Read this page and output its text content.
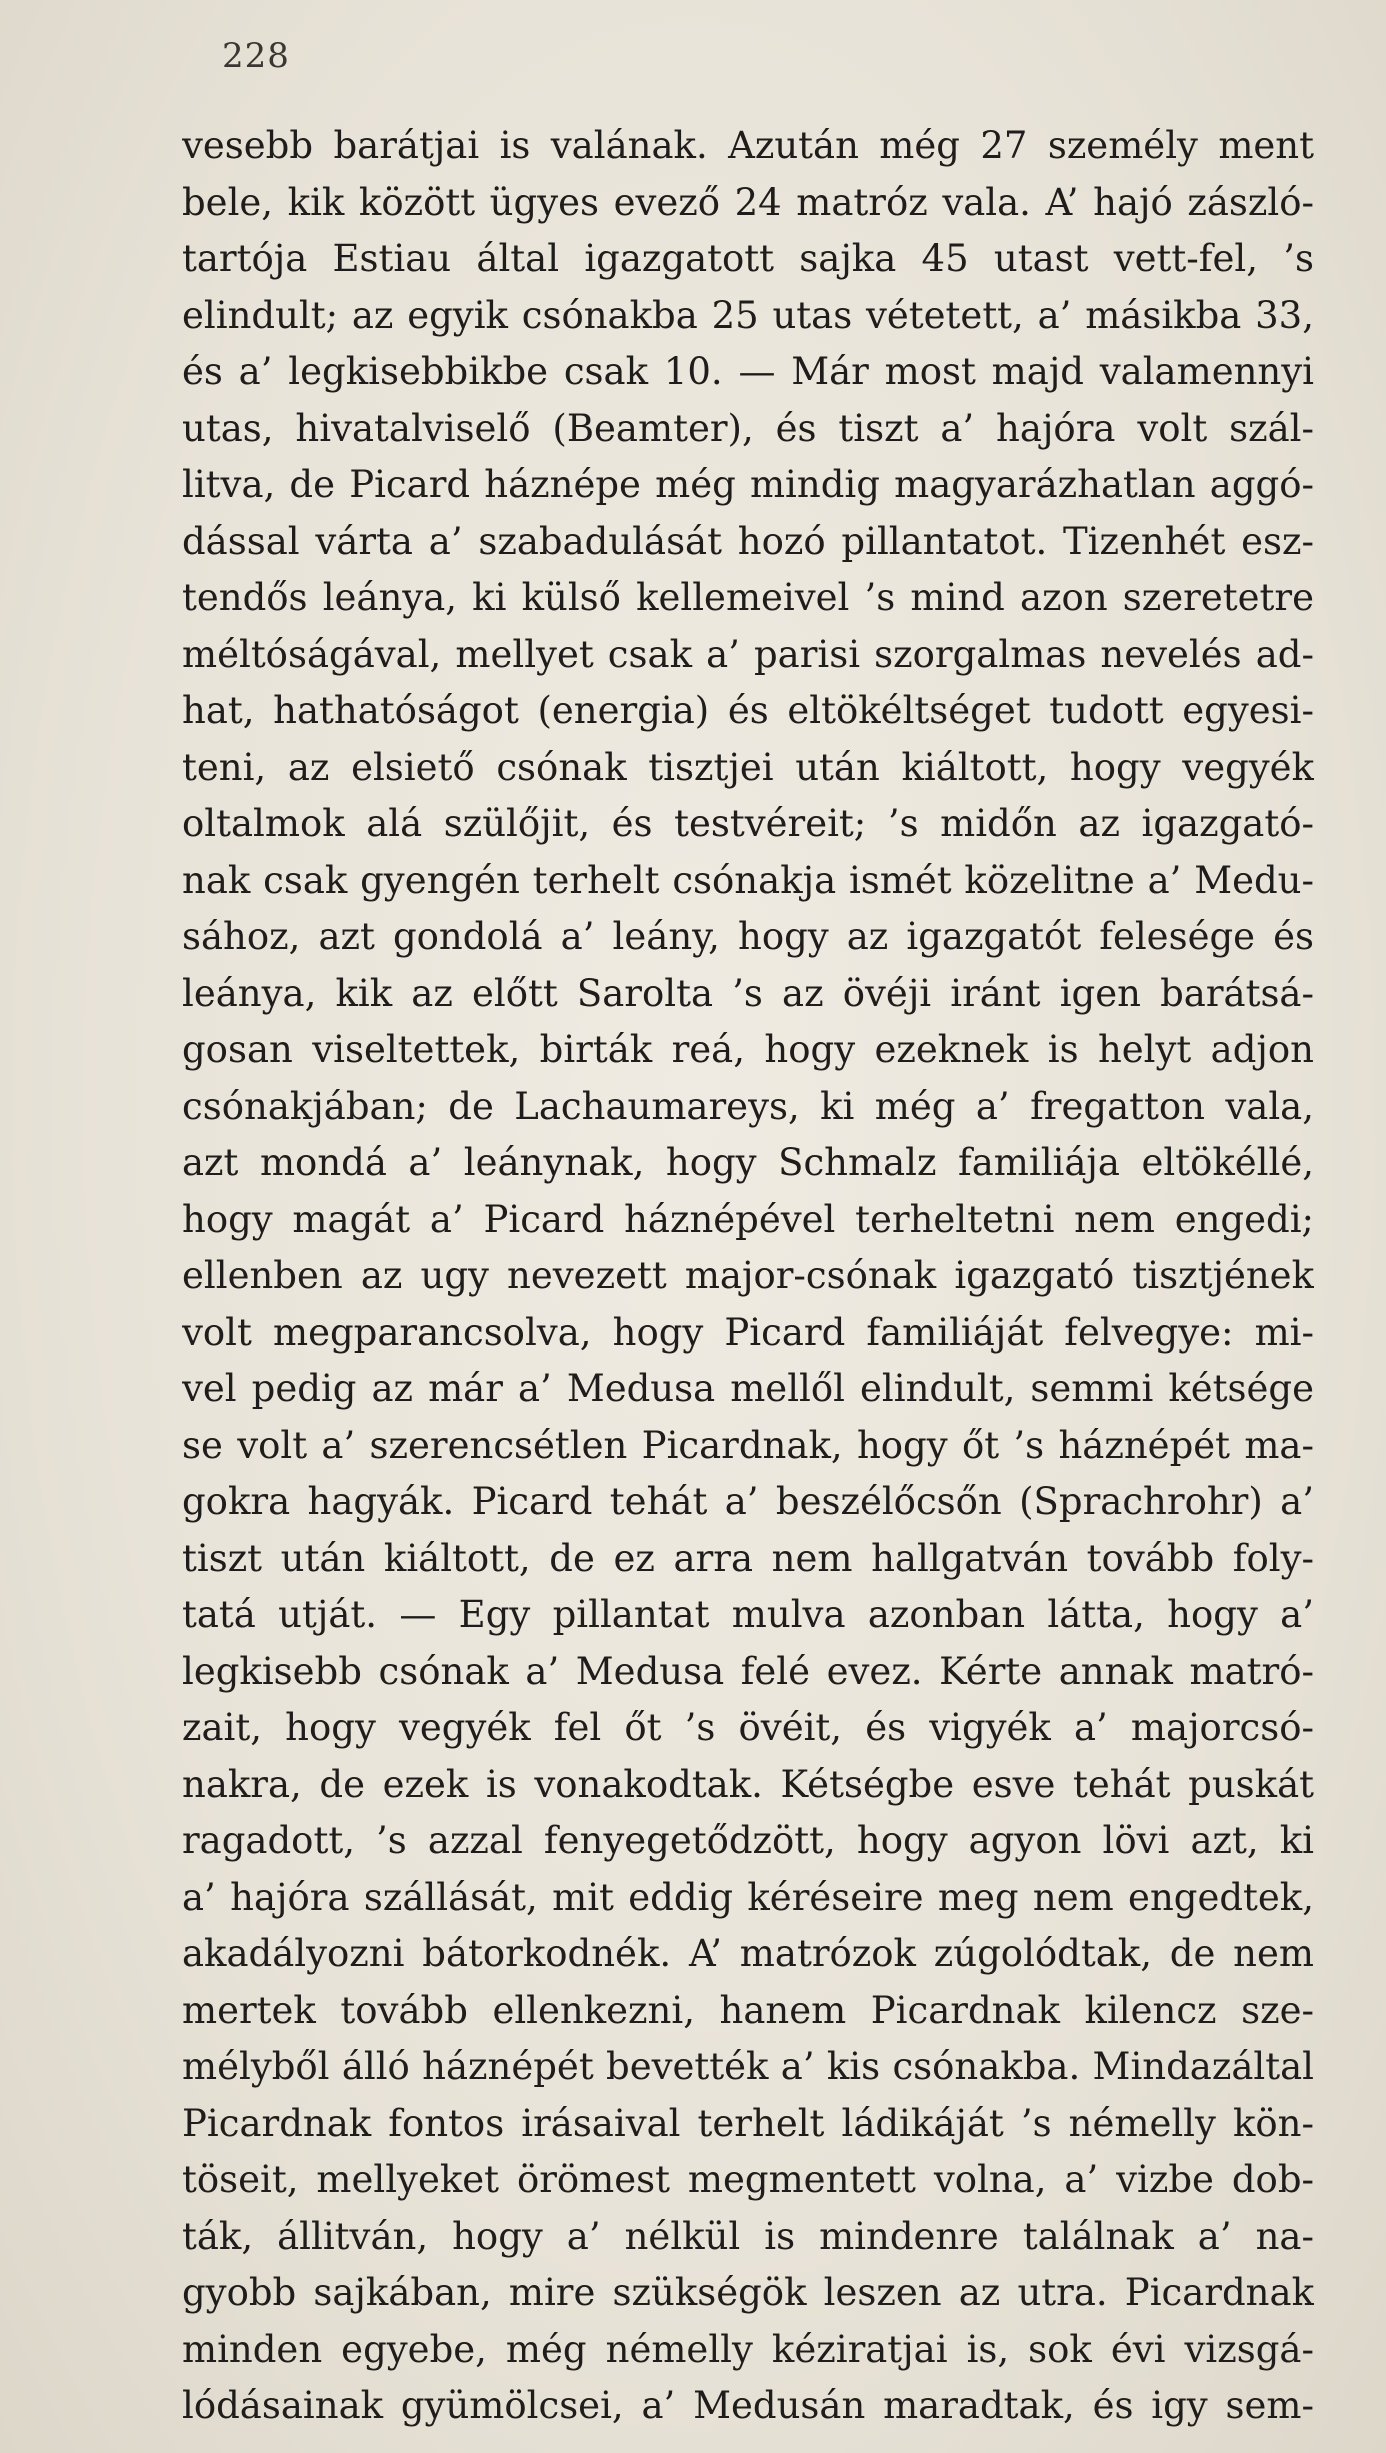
228
vesebb barátjai is valának. Azután még 27 személy ment
bele, kik között ügyes evező 24 matróz vala. A’ hajó zászló-
tartója Estiau által igazgatott sajka 45 utast vett-fel, ’s
elindult; az egyik csónakba 25 utas vétetett, a’ másikba 33,
és a’ legkisebbikbe csak 10. — Már most majd valamennyi
utas, hivatalviselő (Beamter), és tiszt a’ hajóra volt szál-
litva, de Picard háznépe még mindig magyarázhatlan aggó-
dással várta a’ szabadulását hozó pillantatot. Tizenhét esz-
tendős leánya, ki külső kellemeivel ’s mind azon szeretetre
méltóságával, mellyet csak a’ parisi szorgalmas nevelés ad-
hat, hathatóságot (energia) és eltökéltséget tudott egyesi-
teni, az elsiető csónak tisztjei után kiáltott, hogy vegyék
oltalmok alá szülőjit, és testvéreit; ’s midőn az igazgató-
nak csak gyengén terhelt csónakja ismét közelitne a’ Medu-
sához, azt gondolá a’ leány, hogy az igazgatót felesége és
leánya, kik az előtt Sarolta ’s az övéji iránt igen barátsá-
gosan viseltettek, birták reá, hogy ezeknek is helyt adjon
csónakjában; de Lachaumareys, ki még a’ fregatton vala,
azt mondá a’ leánynak, hogy Schmalz familiája eltökéllé,
hogy magát a’ Picard háznépével terheltetni nem engedi;
ellenben az ugy nevezett major-csónak igazgató tisztjének
volt megparancsolva, hogy Picard familiáját felvegye: mi-
vel pedig az már a’ Medusa mellől elindult, semmi kétsége
se volt a’ szerencsétlen Picardnak, hogy őt ’s háznépét ma-
gokra hagyák. Picard tehát a’ beszélőcsőn (Sprachrohr) a’
tiszt után kiáltott, de ez arra nem hallgatván tovább foly-
tatá utját. — Egy pillantat mulva azonban látta, hogy a’
legkisebb csónak a’ Medusa felé evez. Kérte annak matró-
zait, hogy vegyék fel őt ’s övéit, és vigyék a’ majorcsó-
nakra, de ezek is vonakodtak. Kétségbe esve tehát puskát
ragadott, ’s azzal fenyegetődzött, hogy agyon lövi azt, ki
a’ hajóra szállását, mit eddig kéréseire meg nem engedtek,
akadályozni bátorkodnék. A’ matrózok zúgolódtak, de nem
mertek tovább ellenkezni, hanem Picardnak kilencz sze-
mélyből álló háznépét bevették a’ kis csónakba. Mindazáltal
Picardnak fontos irásaival terhelt ládikáját ’s némelly kön-
töseit, mellyeket örömest megmentett volna, a’ vizbe dob-
ták, állitván, hogy a’ nélkül is mindenre találnak a’ na-
gyobb sajkában, mire szükségök leszen az utra. Picardnak
minden egyebe, még némelly kéziratjai is, sok évi vizsgá-
lódásainak gyümölcsei, a’ Medusán maradtak, és igy sem-
